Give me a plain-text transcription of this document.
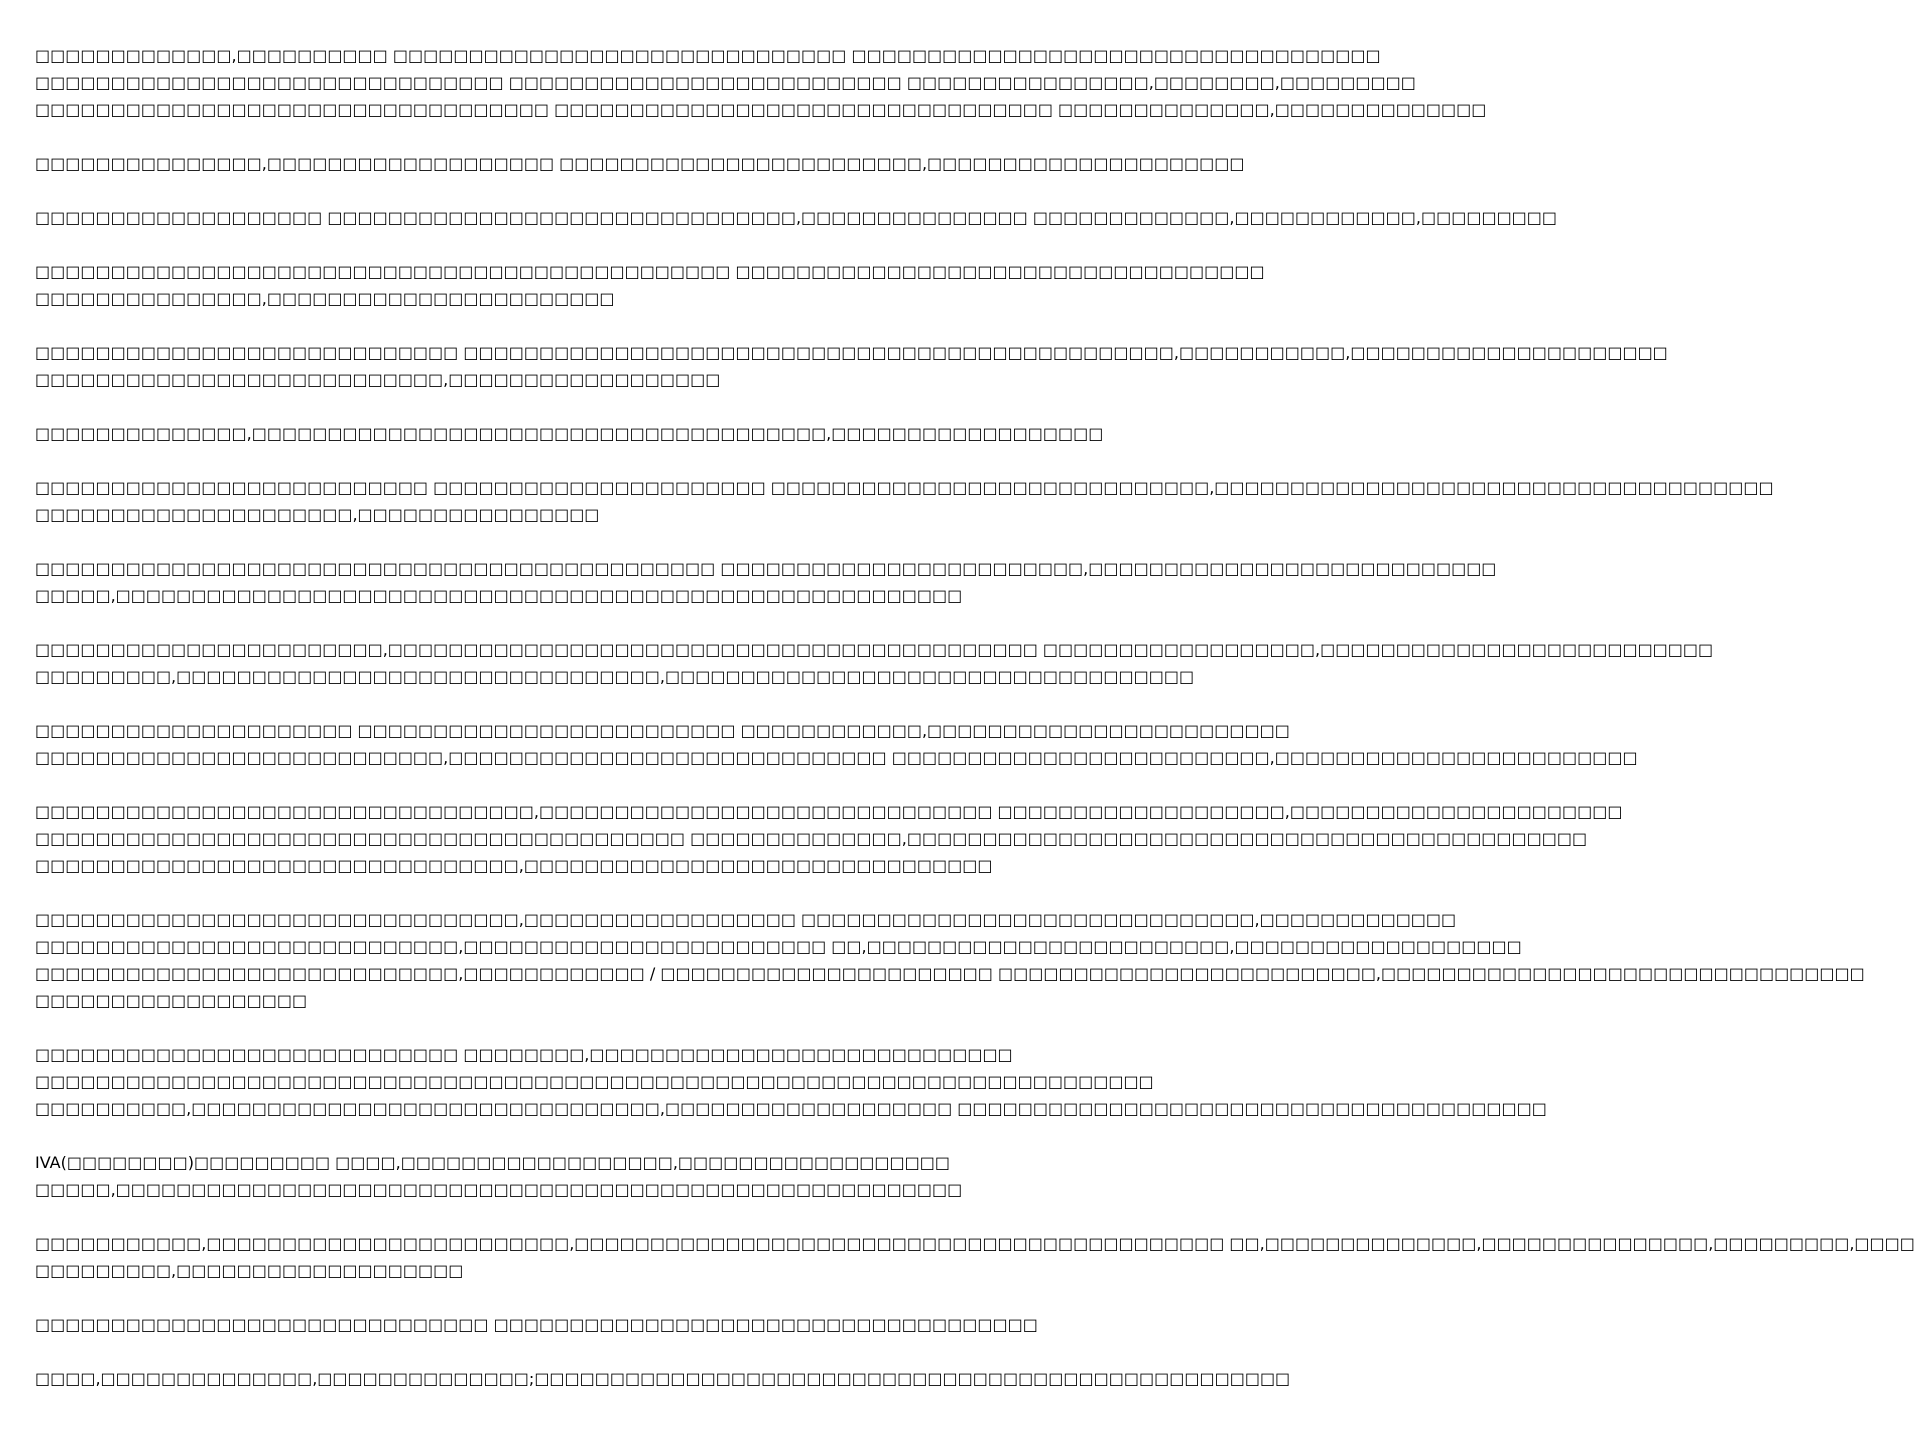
□□□□□□□□□□□□□,□□□□□□□□□□ □□□□□□□□□□□□□□□□□□□□□□□□□□□□□□ □□□□□□□□□□□□□□□□□□□□□□□□□□□□□□□□□□□
□□□□□□□□□□□□□□□□□□□□□□□□□□□□□□□ □□□□□□□□□□□□□□□□□□□□□□□□□□ □□□□□□□□□□□□□□□□,□□□□□□□□,□□□□□□□□□
□□□□□□□□□□□□□□□□□□□□□□□□□□□□□□□□□□ □□□□□□□□□□□□□□□□□□□□□□□□□□□□□□□□□ □□□□□□□□□□□□□□,□□□□□□□□□□□□□□
□□□□□□□□□□□□□□□,□□□□□□□□□□□□□□□□□□□ □□□□□□□□□□□□□□□□□□□□□□□□,□□□□□□□□□□□□□□□□□□□□□
□□□□□□□□□□□□□□□□□□□ □□□□□□□□□□□□□□□□□□□□□□□□□□□□□□□,□□□□□□□□□□□□□□□ □□□□□□□□□□□□□,□□□□□□□□□□□□,□□□□□□□□□
□□□□□□□□□□□□□□□□□□□□□□□□□□□□□□□□□□□□□□□□□□□□□□ □□□□□□□□□□□□□□□□□□□□□□□□□□□□□□□□□□□
□□□□□□□□□□□□□□□,□□□□□□□□□□□□□□□□□□□□□□□
□□□□□□□□□□□□□□□□□□□□□□□□□□□□ □□□□□□□□□□□□□□□□□□□□□□□□□□□□□□□□□□□□□□□□□□□□□□□,□□□□□□□□□□□,□□□□□□□□□□□□□□□□□□□□□
□□□□□□□□□□□□□□□□□□□□□□□□□□□,□□□□□□□□□□□□□□□□□□
□□□□□□□□□□□□□□,□□□□□□□□□□□□□□□□□□□□□□□□□□□□□□□□□□□□□□,□□□□□□□□□□□□□□□□□□
□□□□□□□□□□□□□□□□□□□□□□□□□□ □□□□□□□□□□□□□□□□□□□□□□ □□□□□□□□□□□□□□□□□□□□□□□□□□□□□,□□□□□□□□□□□□□□□□□□□□□□□□□□□□□□□□□□□□□
□□□□□□□□□□□□□□□□□□□□□,□□□□□□□□□□□□□□□□
□□□□□□□□□□□□□□□□□□□□□□□□□□□□□□□□□□□□□□□□□□□□□ □□□□□□□□□□□□□□□□□□□□□□□□,□□□□□□□□□□□□□□□□□□□□□□□□□□□
□□□□□,□□□□□□□□□□□□□□□□□□□□□□□□□□□□□□□□□□□□□□□□□□□□□□□□□□□□□□□□
□□□□□□□□□□□□□□□□□□□□□□□,□□□□□□□□□□□□□□□□□□□□□□□□□□□□□□□□□□□□□□□□□□□ □□□□□□□□□□□□□□□□□□,□□□□□□□□□□□□□□□□□□□□□□□□□□
□□□□□□□□□,□□□□□□□□□□□□□□□□□□□□□□□□□□□□□□□□,□□□□□□□□□□□□□□□□□□□□□□□□□□□□□□□□□□□
□□□□□□□□□□□□□□□□□□□□□ □□□□□□□□□□□□□□□□□□□□□□□□□ □□□□□□□□□□□□,□□□□□□□□□□□□□□□□□□□□□□□□
□□□□□□□□□□□□□□□□□□□□□□□□□□□,□□□□□□□□□□□□□□□□□□□□□□□□□□□□□ □□□□□□□□□□□□□□□□□□□□□□□□□,□□□□□□□□□□□□□□□□□□□□□□□□
□□□□□□□□□□□□□□□□□□□□□□□□□□□□□□□□□,□□□□□□□□□□□□□□□□□□□□□□□□□□□□□□ □□□□□□□□□□□□□□□□□□□,□□□□□□□□□□□□□□□□□□□□□□
□□□□□□□□□□□□□□□□□□□□□□□□□□□□□□□□□□□□□□□□□□□ □□□□□□□□□□□□□□,□□□□□□□□□□□□□□□□□□□□□□□□□□□□□□□□□□□□□□□□□□□□□
□□□□□□□□□□□□□□□□□□□□□□□□□□□□□□□□,□□□□□□□□□□□□□□□□□□□□□□□□□□□□□□□
□□□□□□□□□□□□□□□□□□□□□□□□□□□□□□□□,□□□□□□□□□□□□□□□□□□ □□□□□□□□□□□□□□□□□□□□□□□□□□□□□□,□□□□□□□□□□□□□
□□□□□□□□□□□□□□□□□□□□□□□□□□□□,□□□□□□□□□□□□□□□□□□□□□□□□ □□,□□□□□□□□□□□□□□□□□□□□□□□□,□□□□□□□□□□□□□□□□□□□
□□□□□□□□□□□□□□□□□□□□□□□□□□□□,□□□□□□□□□□□□ / □□□□□□□□□□□□□□□□□□□□□□ □□□□□□□□□□□□□□□□□□□□□□□□□,□□□□□□□□□□□□□□□□□□□□□□□□□□□□□□□□
□□□□□□□□□□□□□□□□□□
□□□□□□□□□□□□□□□□□□□□□□□□□□□□ □□□□□□□□,□□□□□□□□□□□□□□□□□□□□□□□□□□□□
□□□□□□□□□□□□□□□□□□□□□□□□□□□□□□□□□□□□□□□□□□□□□□□□□□□□□□□□□□□□□□□□□□□□□□□□□□
□□□□□□□□□□,□□□□□□□□□□□□□□□□□□□□□□□□□□□□□□□,□□□□□□□□□□□□□□□□□□□ □□□□□□□□□□□□□□□□□□□□□□□□□□□□□□□□□□□□□□□
IVA(□□□□□□□□)□□□□□□□□□ □□□□,□□□□□□□□□□□□□□□□□□,□□□□□□□□□□□□□□□□□□
□□□□□,□□□□□□□□□□□□□□□□□□□□□□□□□□□□□□□□□□□□□□□□□□□□□□□□□□□□□□□□
□□□□□□□□□□□,□□□□□□□□□□□□□□□□□□□□□□□□,□□□□□□□□□□□□□□□□□□□□□□□□□□□□□□□□□□□□□□□□□□□ □□,□□□□□□□□□□□□□□,□□□□□□□□□□□□□□□,□□□□□□□□□,□□□□
□□□□□□□□□,□□□□□□□□□□□□□□□□□□□
□□□□□□□□□□□□□□□□□□□□□□□□□□□□□□ □□□□□□□□□□□□□□□□□□□□□□□□□□□□□□□□□□□□
□□□□,□□□□□□□□□□□□□□,□□□□□□□□□□□□□□;□□□□□□□□□□□□□□□□□□□□□□□□□□□□□□□□□□□□□□□□□□□□□□□□□□
